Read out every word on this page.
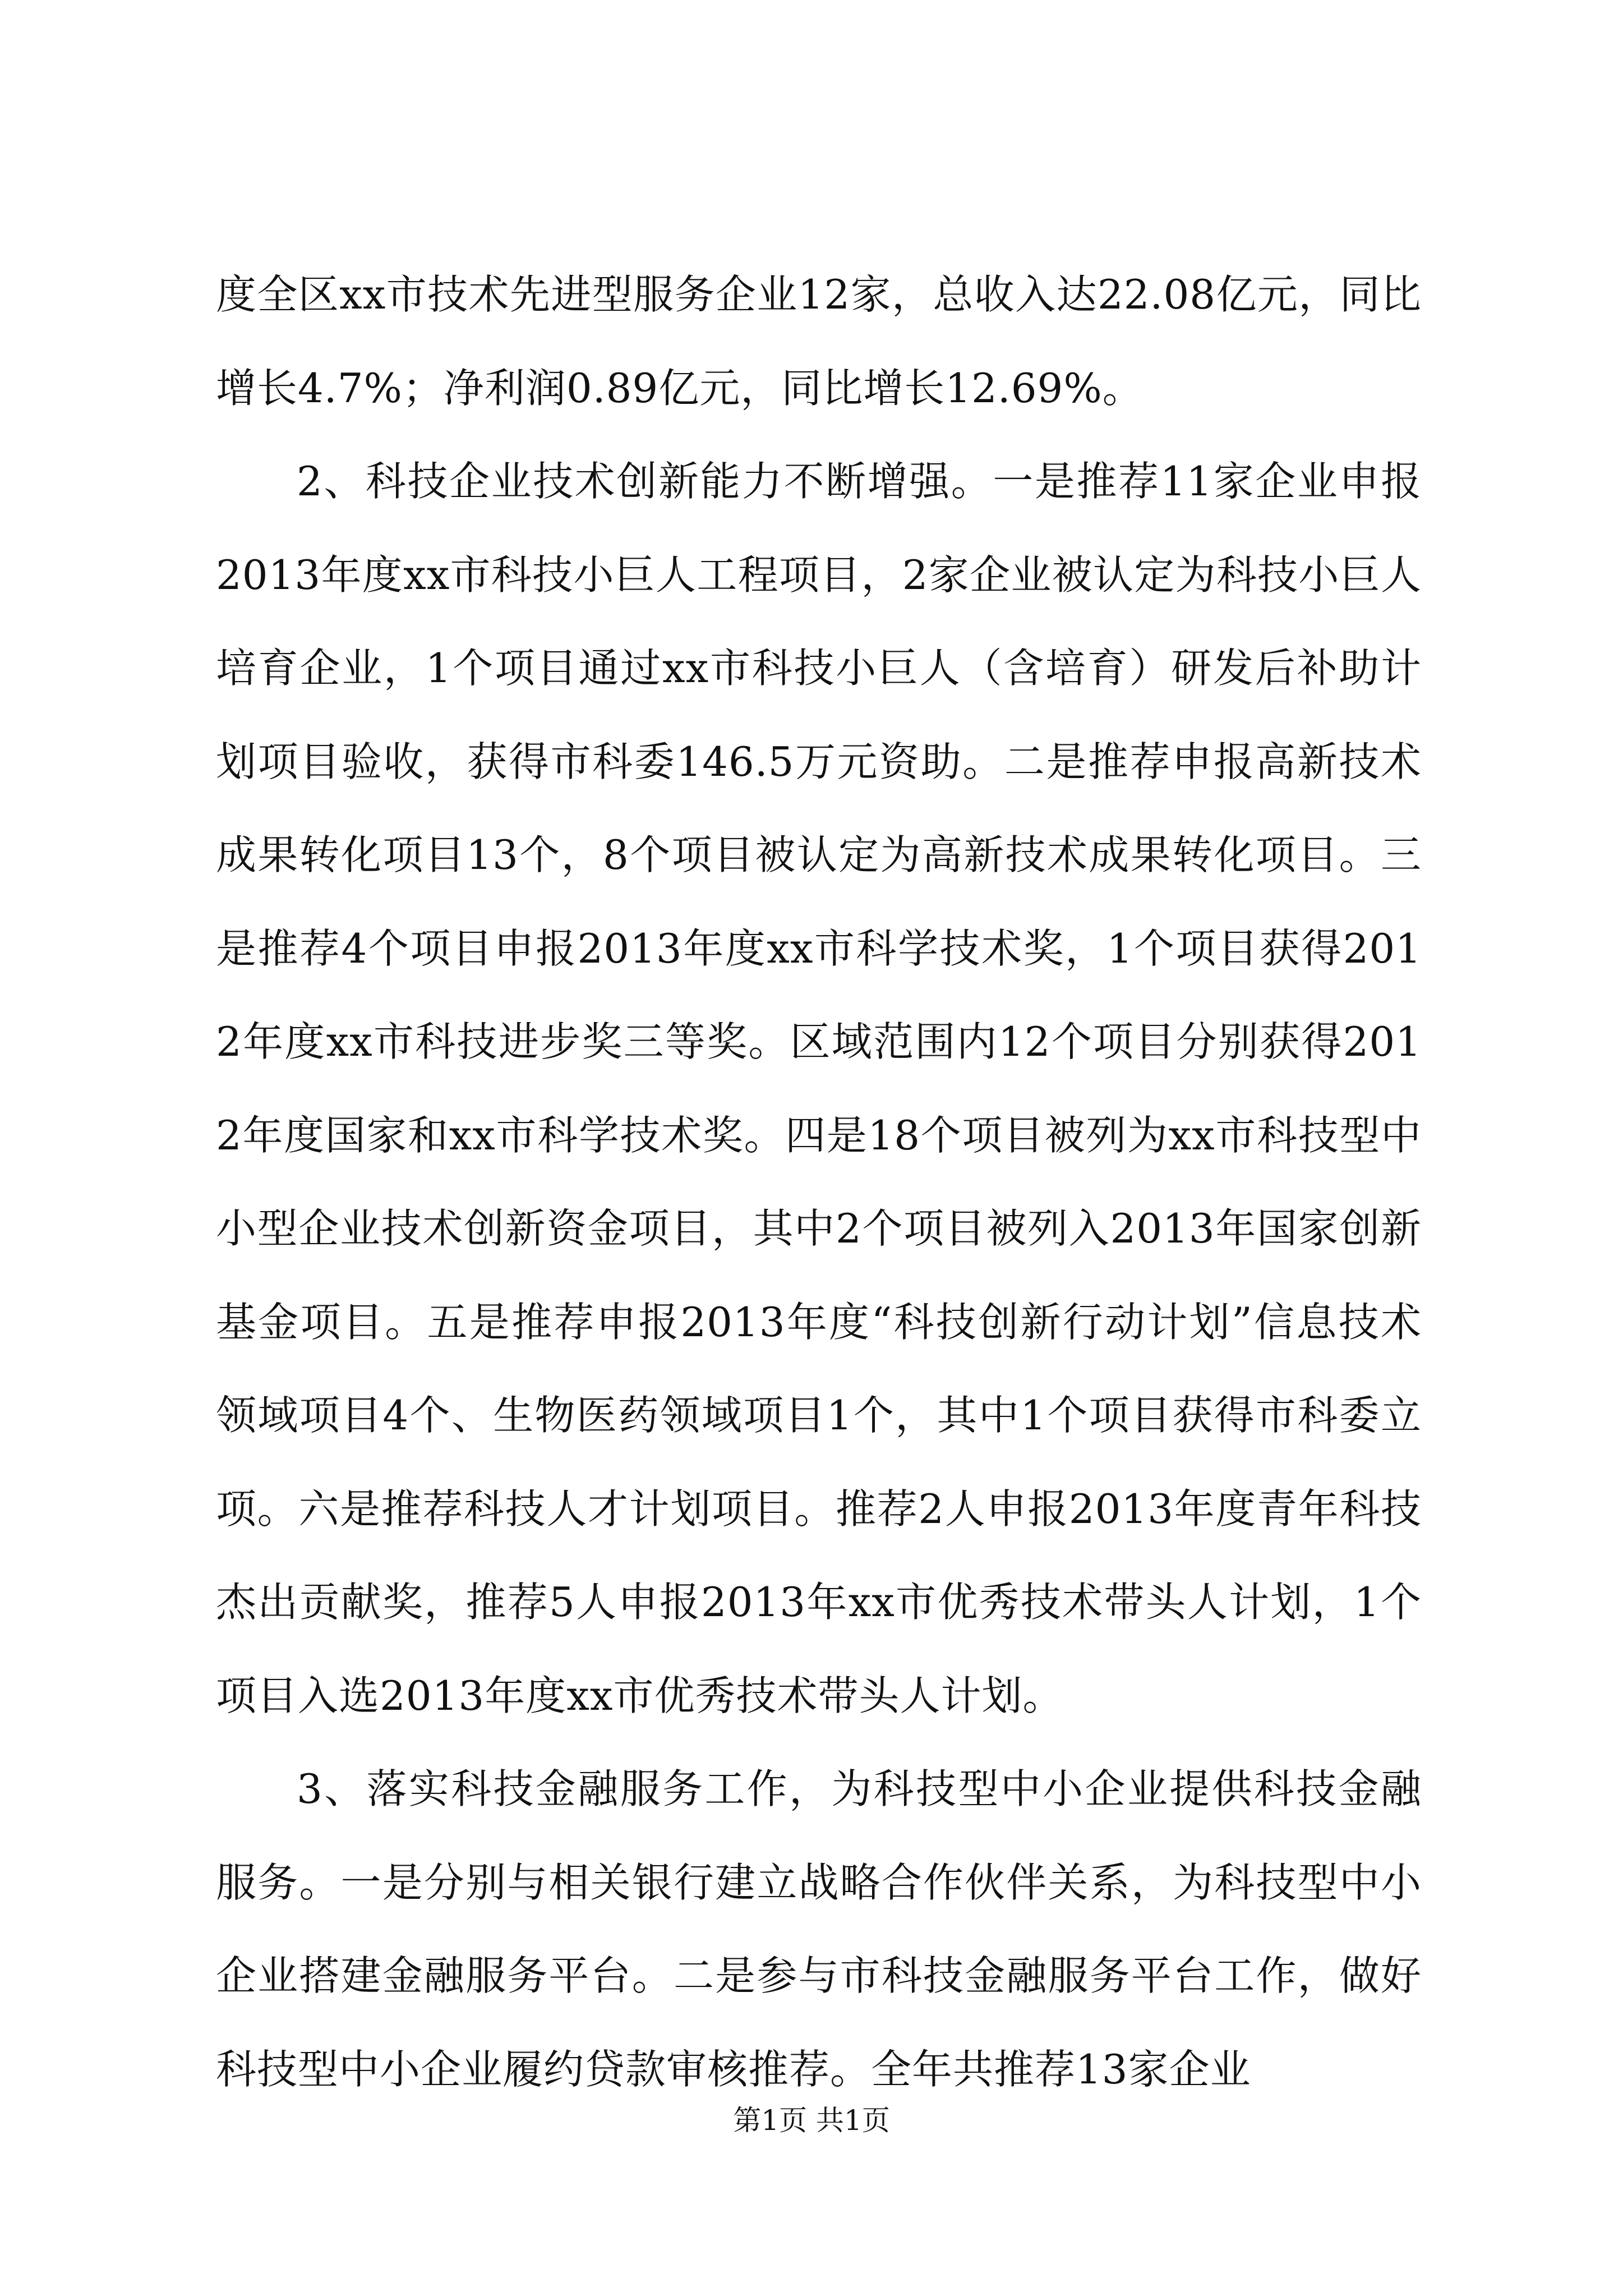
度全区xx市技术先进型服务企业12家，总收入达22.08亿元，同比增长4.7%；净利润0.89亿元，同比增长12.69%。

2、科技企业技术创新能力不断增强。一是推荐11家企业申报2013年度xx市科技小巨人工程项目，2家企业被认定为科技小巨人培育企业，1个项目通过xx市科技小巨人（含培育）研发后补助计划项目验收，获得市科委146.5万元资助。二是推荐申报高新技术成果转化项目13个，8个项目被认定为高新技术成果转化项目。三是推荐4个项目申报2013年度xx市科学技术奖，1个项目获得2012年度xx市科技进步奖三等奖。区域范围内12个项目分别获得2012年度国家和xx市科学技术奖。四是18个项目被列为xx市科技型中小型企业技术创新资金项目，其中2个项目被列入2013年国家创新基金项目。五是推荐申报2013年度“科技创新行动计划”信息技术领域项目4个、生物医药领域项目1个，其中1个项目获得市科委立项。六是推荐科技人才计划项目。推荐2人申报2013年度青年科技杰出贡献奖，推荐5人申报2013年xx市优秀技术带头人计划，1个项目入选2013年度xx市优秀技术带头人计划。

3、落实科技金融服务工作，为科技型中小企业提供科技金融服务。一是分别与相关银行建立战略合作伙伴关系，为科技型中小企业搭建金融服务平台。二是参与市科技金融服务平台工作，做好科技型中小企业履约贷款审核推荐。全年共推荐13家企业

第1页 共1页
